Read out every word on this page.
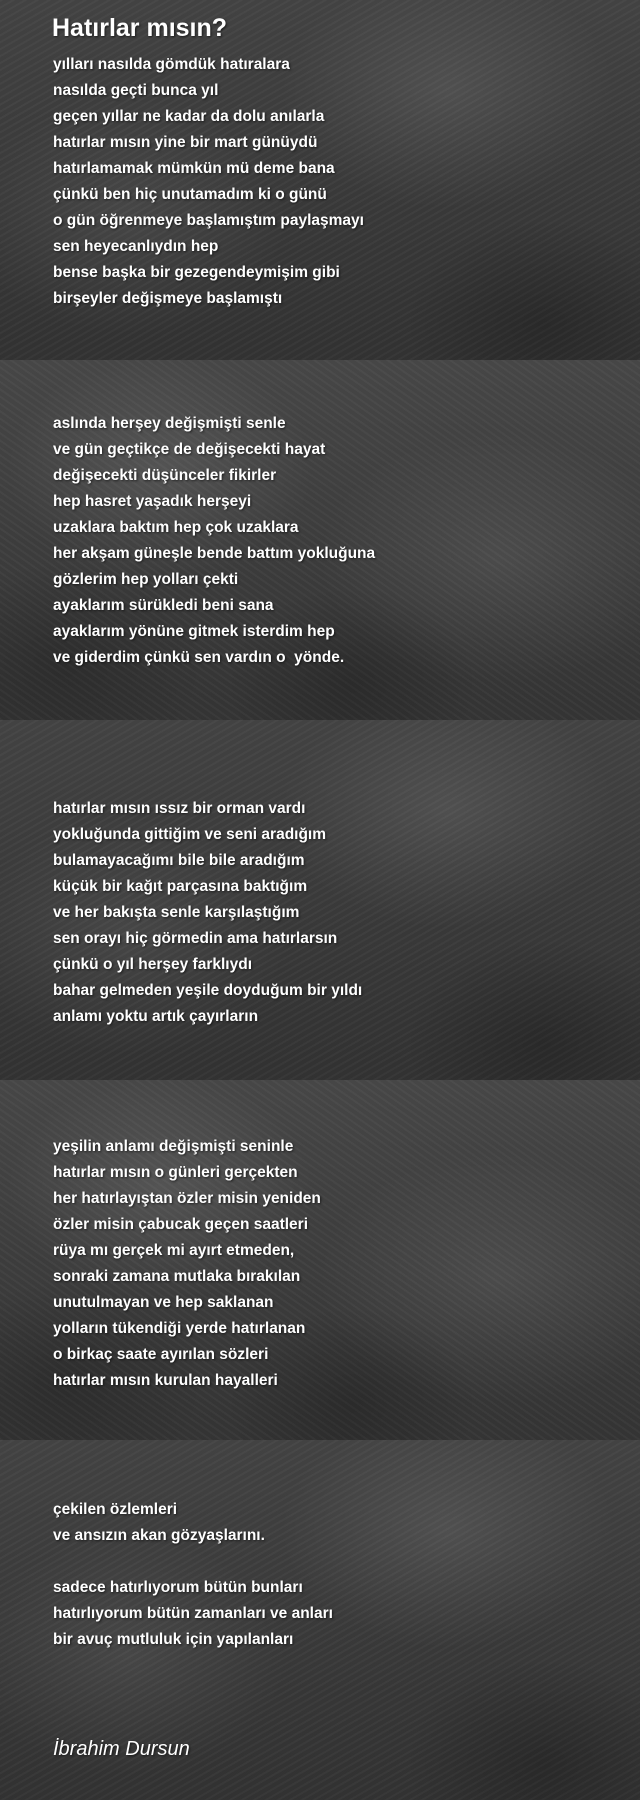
Hatırlar mısın?
yılları nasılda gömdük hatıralara
nasılda geçti bunca yıl
geçen yıllar ne kadar da dolu anılarla
hatırlar mısın yine bir mart günüydü
hatırlamamak mümkün mü deme bana
çünkü ben hiç unutamadım ki o günü
o gün öğrenmeye başlamıştım paylaşmayı
sen heyecanlıydın hep
bense başka bir gezegendeymişim gibi
birşeyler değişmeye başlamıştı
aslında herşey değişmişti senle
ve gün geçtikçe de değişecekti hayat
değişecekti düşünceler fikirler
hep hasret yaşadık herşeyi
uzaklara baktım hep çok uzaklara
her akşam güneşle bende battım yokluğuna
gözlerim hep yolları çekti
ayaklarım sürükledi beni sana
ayaklarım yönüne gitmek isterdim hep
ve giderdim çünkü sen vardın o  yönde.
hatırlar mısın ıssız bir orman vardı
yokluğunda gittiğim ve seni aradığım
bulamayacağımı bile bile aradığım
küçük bir kağıt parçasına baktığım
ve her bakışta senle karşılaştığım
sen orayı hiç görmedin ama hatırlarsın
çünkü o yıl herşey farklıydı
bahar gelmeden yeşile doyduğum bir yıldı
anlamı yoktu artık çayırların
yeşilin anlamı değişmişti seninle
hatırlar mısın o günleri gerçekten
her hatırlayıştan özler misin yeniden
özler misin çabucak geçen saatleri
rüya mı gerçek mi ayırt etmeden,
sonraki zamana mutlaka bırakılan
unutulmayan ve hep saklanan
yolların tükendiği yerde hatırlanan
o birkaç saate ayırılan sözleri
hatırlar mısın kurulan hayalleri
çekilen özlemleri
ve ansızın akan gözyaşlarını.
sadece hatırlıyorum bütün bunları
hatırlıyorum bütün zamanları ve anları
bir avuç mutluluk için yapılanları
İbrahim Dursun
